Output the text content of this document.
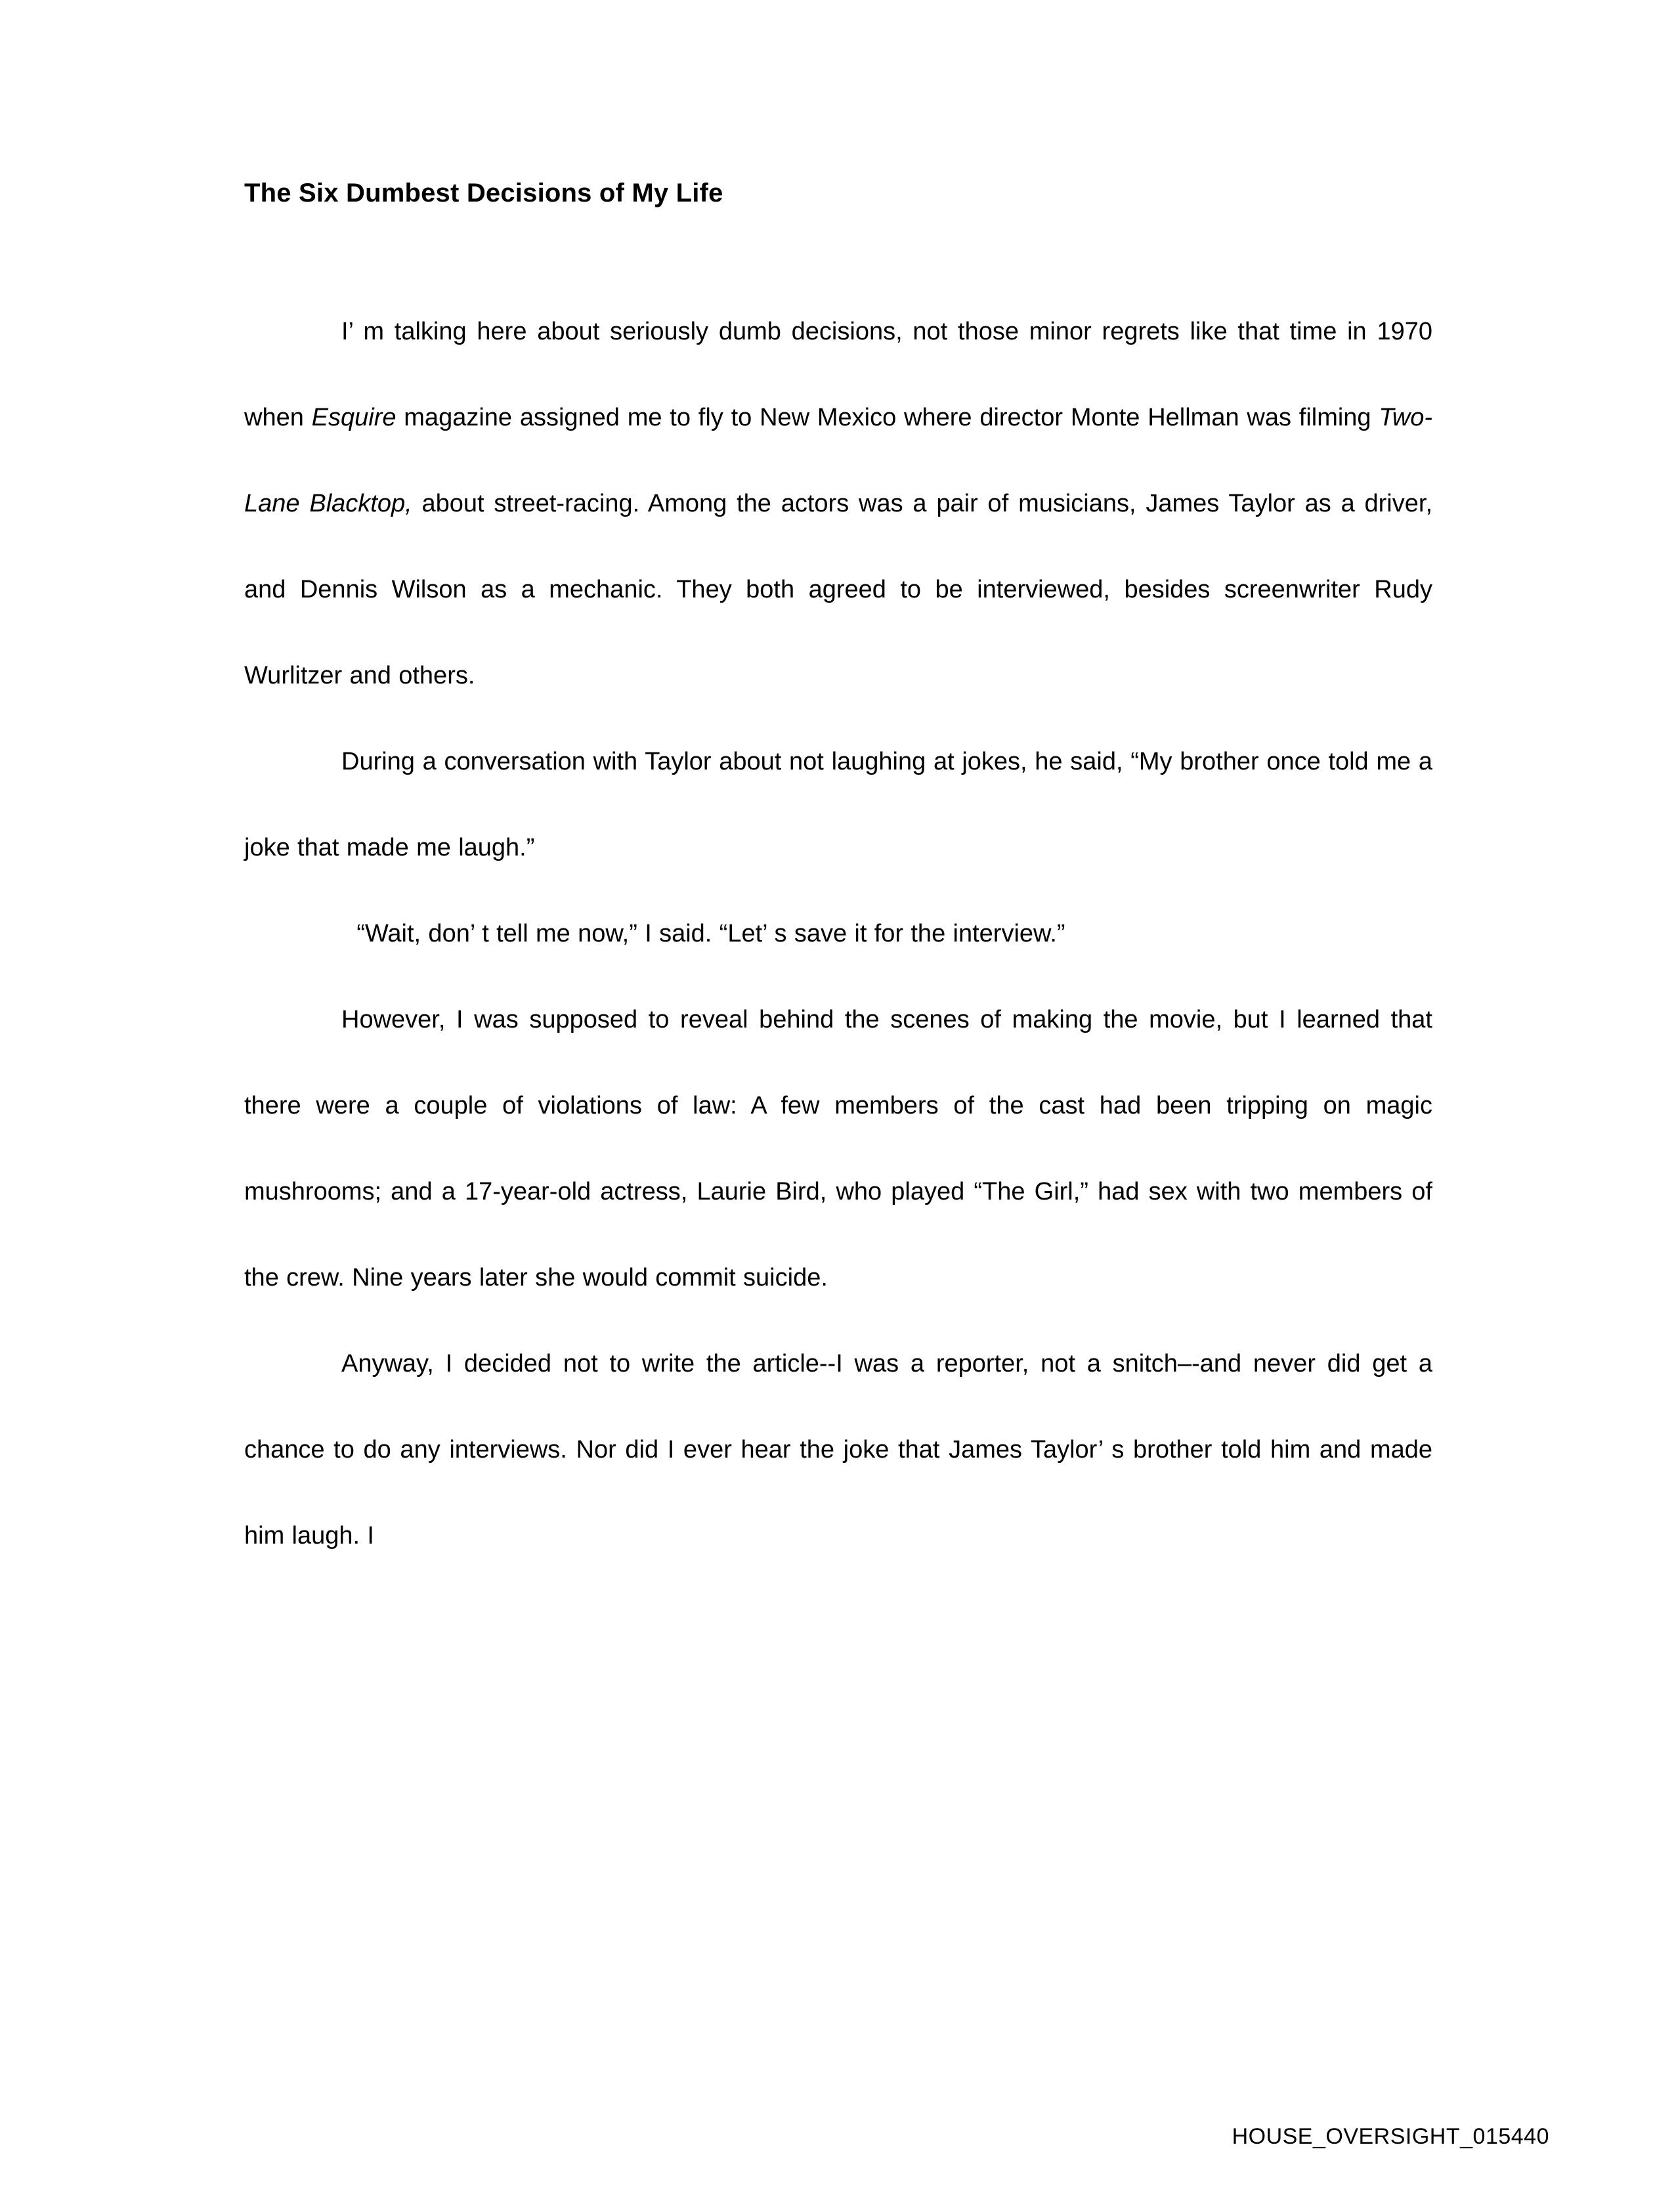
The Six Dumbest Decisions of My Life

I’ m talking here about seriously dumb decisions, not those minor regrets like that time in 1970 when Esquire magazine assigned me to fly to New Mexico where director Monte Hellman was filming Two-Lane Blacktop, about street-racing. Among the actors was a pair of musicians, James Taylor as a driver, and Dennis Wilson as a mechanic. They both agreed to be interviewed, besides screenwriter Rudy Wurlitzer and others.

During a conversation with Taylor about not laughing at jokes, he said, “My brother once told me a joke that made me laugh.”

“Wait, don’ t tell me now,” I said. “Let’ s save it for the interview.”

However, I was supposed to reveal behind the scenes of making the movie, but I learned that there were a couple of violations of law: A few members of the cast had been tripping on magic mushrooms; and a 17-year-old actress, Laurie Bird, who played “The Girl,” had sex with two members of the crew. Nine years later she would commit suicide.

Anyway, I decided not to write the article--I was a reporter, not a snitch–-and never did get a chance to do any interviews. Nor did I ever hear the joke that James Taylor’ s brother told him and made him laugh. I

HOUSE_OVERSIGHT_015440
